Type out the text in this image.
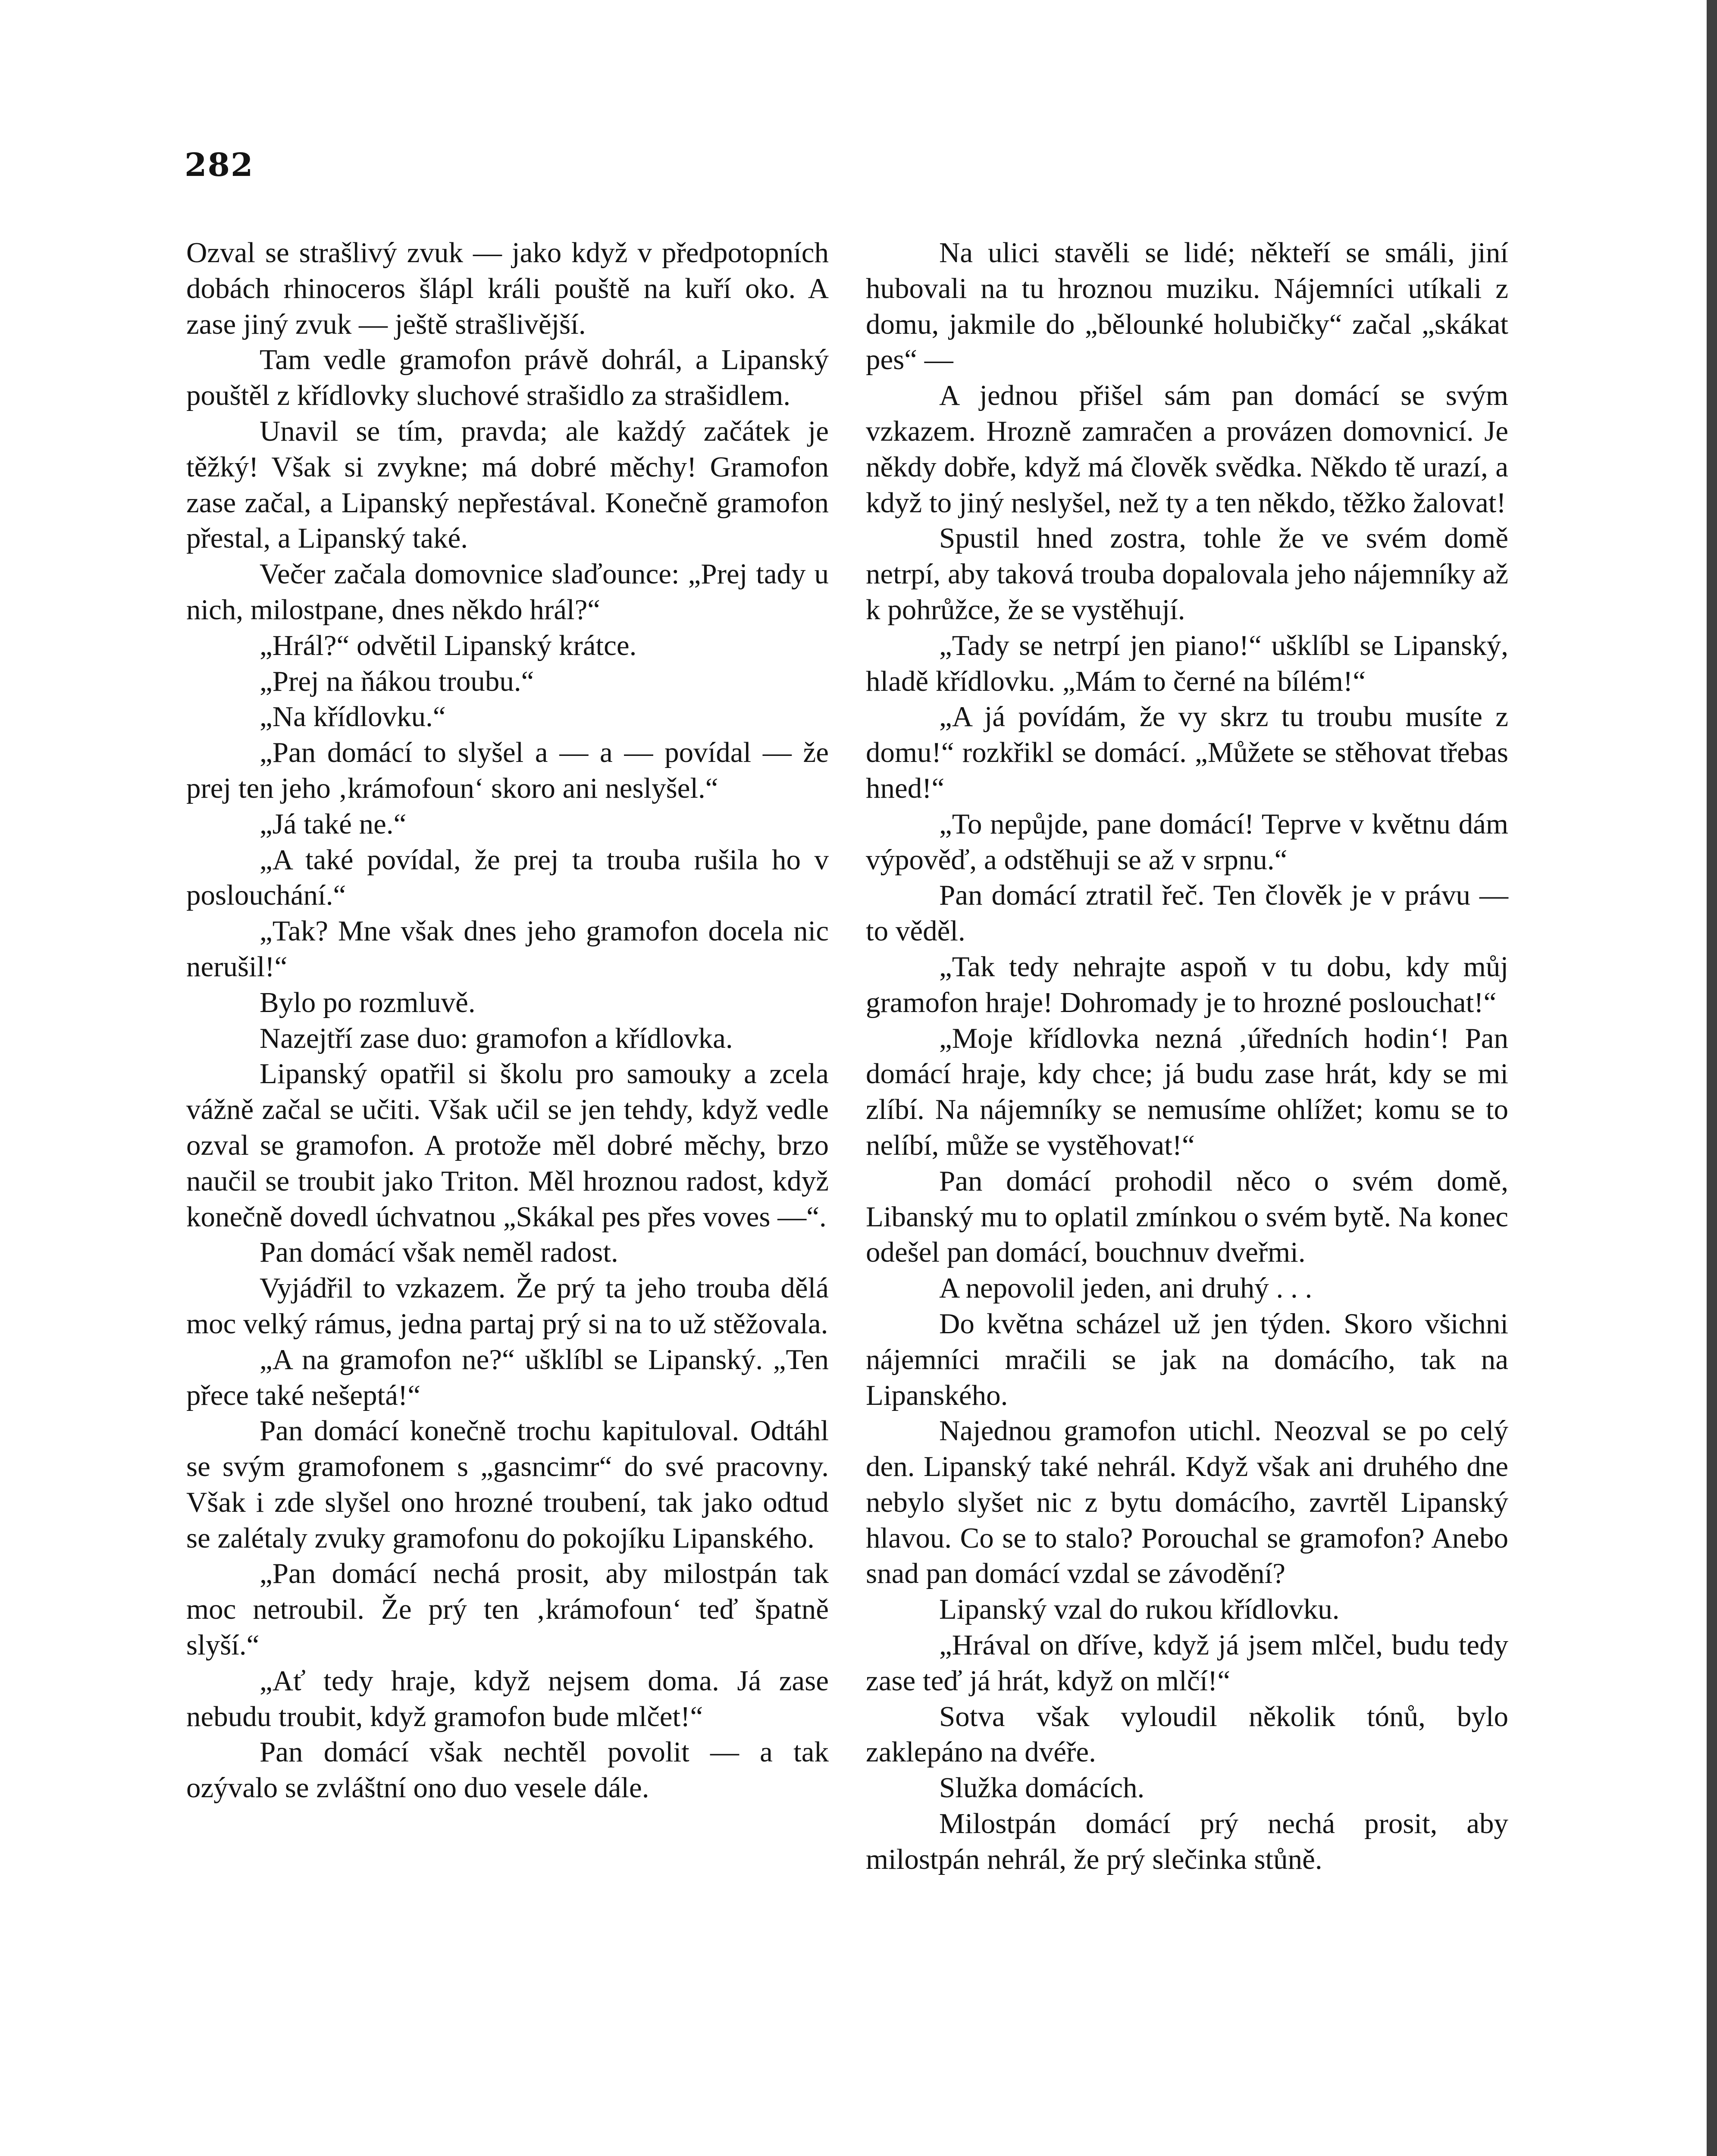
282

Ozval se strašlivý zvuk — jako když v předpotopních dobách rhinoceros šlápl králi pouště na kuří oko. A zase jiný zvuk — ještě strašlivější.

Tam vedle gramofon právě dohrál, a Lipanský pouštěl z křídlovky sluchové strašidlo za strašidlem.

Unavil se tím, pravda; ale každý začátek je těžký! Však si zvykne; má dobré měchy! Gramofon zase začal, a Lipanský nepřestával. Konečně gramofon přestal, a Lipanský také.

Večer začala domovnice slaďounce: „Prej tady u nich, milostpane, dnes někdo hrál?“

„Hrál?“ odvětil Lipanský krátce.

„Prej na ňákou troubu.“

„Na křídlovku.“

„Pan domácí to slyšel a — a — povídal — že prej ten jeho ‚krámofoun‘ skoro ani neslyšel.“

„Já také ne.“

„A také povídal, že prej ta trouba rušila ho v poslouchání.“

„Tak? Mne však dnes jeho gramofon docela nic nerušil!“

Bylo po rozmluvě.

Nazejtří zase duo: gramofon a křídlovka.

Lipanský opatřil si školu pro samouky a zcela vážně začal se učiti. Však učil se jen tehdy, když vedle ozval se gramofon. A protože měl dobré měchy, brzo naučil se troubit jako Triton. Měl hroznou radost, když konečně dovedl úchvatnou „Skákal pes přes voves —“.

Pan domácí však neměl radost.

Vyjádřil to vzkazem. Že prý ta jeho trouba dělá moc velký rámus, jedna partaj prý si na to už stěžovala.

„A na gramofon ne?“ ušklíbl se Lipanský. „Ten přece také nešeptá!“

Pan domácí konečně trochu kapituloval. Odtáhl se svým gramofonem s „gasncimr“ do své pracovny. Však i zde slyšel ono hrozné troubení, tak jako odtud se zalétaly zvuky gramofonu do pokojíku Lipanského.

„Pan domácí nechá prosit, aby milostpán tak moc netroubil. Že prý ten ‚krámofoun‘ teď špatně slyší.“

„Ať tedy hraje, když nejsem doma. Já zase nebudu troubit, když gramofon bude mlčet!“

Pan domácí však nechtěl povolit — a tak ozývalo se zvláštní ono duo vesele dále.

Na ulici stavěli se lidé; někteří se smáli, jiní hubovali na tu hroznou muziku. Nájemníci utíkali z domu, jakmile do „bělounké holubičky“ začal „skákat pes“ —

A jednou přišel sám pan domácí se svým vzkazem. Hrozně zamračen a provázen domovnicí. Je někdy dobře, když má člověk svědka. Někdo tě urazí, a když to jiný neslyšel, než ty a ten někdo, těžko žalovat!

Spustil hned zostra, tohle že ve svém domě netrpí, aby taková trouba dopalovala jeho nájemníky až k pohrůžce, že se vystěhují.

„Tady se netrpí jen piano!“ ušklíbl se Lipanský, hladě křídlovku. „Mám to černé na bílém!“

„A já povídám, že vy skrz tu troubu musíte z domu!“ rozkřikl se domácí. „Můžete se stěhovat třebas hned!“

„To nepůjde, pane domácí! Teprve v květnu dám výpověď, a odstěhuji se až v srpnu.“

Pan domácí ztratil řeč. Ten člověk je v právu — to věděl.

„Tak tedy nehrajte aspoň v tu dobu, kdy můj gramofon hraje! Dohromady je to hrozné poslouchat!“

„Moje křídlovka nezná ‚úředních hodin‘! Pan domácí hraje, kdy chce; já budu zase hrát, kdy se mi zlíbí. Na nájemníky se nemusíme ohlížet; komu se to nelíbí, může se vystěhovat!“

Pan domácí prohodil něco o svém domě, Libanský mu to oplatil zmínkou o svém bytě. Na konec odešel pan domácí, bouchnuv dveřmi.

A nepovolil jeden, ani druhý . . .

Do května scházel už jen týden. Skoro všichni nájemníci mračili se jak na domácího, tak na Lipanského.

Najednou gramofon utichl. Neozval se po celý den. Lipanský také nehrál. Když však ani druhého dne nebylo slyšet nic z bytu domácího, zavrtěl Lipanský hlavou. Co se to stalo? Porouchal se gramofon? Anebo snad pan domácí vzdal se závodění?

Lipanský vzal do rukou křídlovku.

„Hrával on dříve, když já jsem mlčel, budu tedy zase teď já hrát, když on mlčí!“

Sotva však vyloudil několik tónů, bylo zaklepáno na dvéře.

Služka domácích.

Milostpán domácí prý nechá prosit, aby milostpán nehrál, že prý slečinka stůně.
